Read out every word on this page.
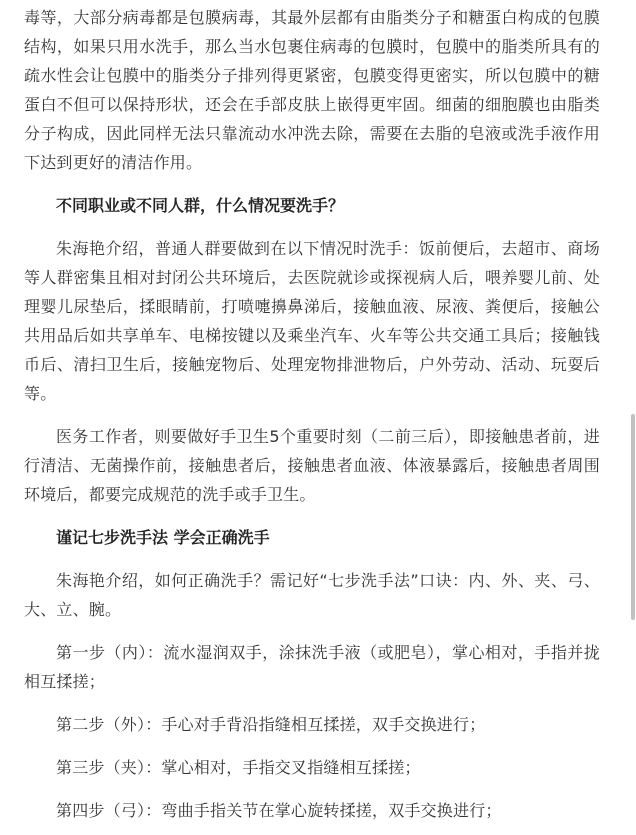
毒等，大部分病毒都是包膜病毒，其最外层都有由脂类分子和糖蛋白构成的包膜结构，如果只用水洗手，那么当水包裹住病毒的包膜时，包膜中的脂类所具有的疏水性会让包膜中的脂类分子排列得更紧密，包膜变得更密实，所以包膜中的糖蛋白不但可以保持形状，还会在手部皮肤上嵌得更牢固。细菌的细胞膜也由脂类分子构成，因此同样无法只靠流动水冲洗去除，需要在去脂的皂液或洗手液作用下达到更好的清洁作用。

不同职业或不同人群，什么情况要洗手？

朱海艳介绍，普通人群要做到在以下情况时洗手：饭前便后，去超市、商场等人群密集且相对封闭公共环境后，去医院就诊或探视病人后，喂养婴儿前、处理婴儿尿垫后，揉眼睛前，打喷嚏擤鼻涕后，接触血液、尿液、粪便后，接触公共用品后如共享单车、电梯按键以及乘坐汽车、火车等公共交通工具后；接触钱币后、清扫卫生后，接触宠物后、处理宠物排泄物后，户外劳动、活动、玩耍后等。

医务工作者，则要做好手卫生5个重要时刻（二前三后），即接触患者前，进行清洁、无菌操作前，接触患者后，接触患者血液、体液暴露后，接触患者周围环境后，都要完成规范的洗手或手卫生。

谨记七步洗手法 学会正确洗手

朱海艳介绍，如何正确洗手？需记好“七步洗手法”口诀：内、外、夹、弓、大、立、腕。

第一步（内）：流水湿润双手，涂抹洗手液（或肥皂），掌心相对，手指并拢相互揉搓；

第二步（外）：手心对手背沿指缝相互揉搓，双手交换进行；

第三步（夹）：掌心相对，手指交叉指缝相互揉搓；

第四步（弓）：弯曲手指关节在掌心旋转揉搓，双手交换进行；
